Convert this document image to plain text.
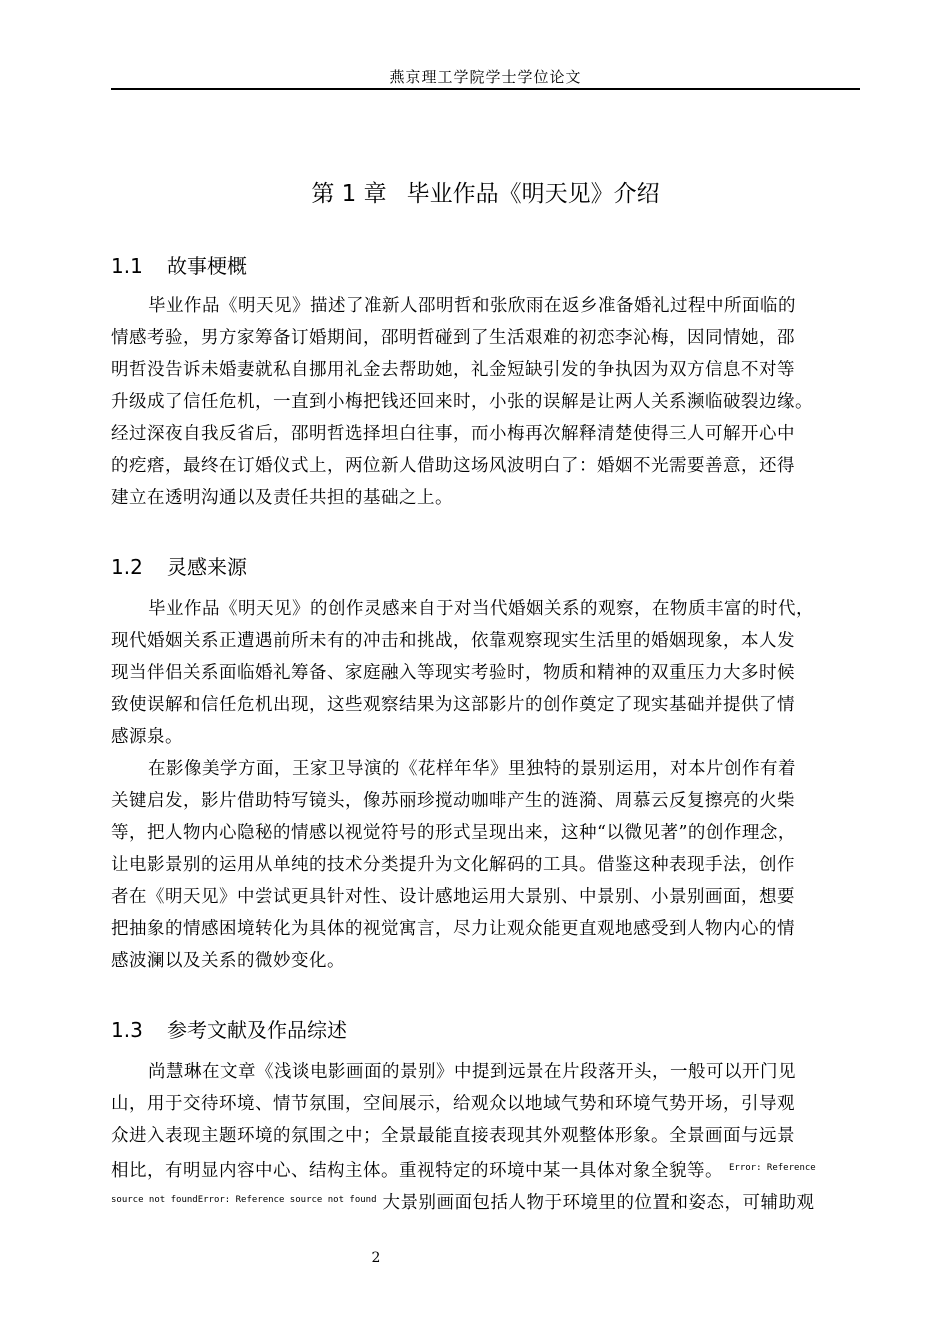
燕京理工学院学士学位论文
第 1 章 毕业作品《明天见》介绍
1.1 故事梗概
毕业作品《明天见》描述了准新人邵明哲和张欣雨在返乡准备婚礼过程中所面临的
情感考验，男方家筹备订婚期间，邵明哲碰到了生活艰难的初恋李沁梅，因同情她，邵
明哲没告诉未婚妻就私自挪用礼金去帮助她，礼金短缺引发的争执因为双方信息不对等
升级成了信任危机，一直到小梅把钱还回来时，小张的误解是让两人关系濒临破裂边缘。
经过深夜自我反省后，邵明哲选择坦白往事，而小梅再次解释清楚使得三人可解开心中
的疙瘩，最终在订婚仪式上，两位新人借助这场风波明白了：婚姻不光需要善意，还得
建立在透明沟通以及责任共担的基础之上。
1.2 灵感来源
毕业作品《明天见》的创作灵感来自于对当代婚姻关系的观察，在物质丰富的时代，
现代婚姻关系正遭遇前所未有的冲击和挑战，依靠观察现实生活里的婚姻现象，本人发
现当伴侣关系面临婚礼筹备、家庭融入等现实考验时，物质和精神的双重压力大多时候
致使误解和信任危机出现，这些观察结果为这部影片的创作奠定了现实基础并提供了情
感源泉。
在影像美学方面，王家卫导演的《花样年华》里独特的景别运用，对本片创作有着
关键启发，影片借助特写镜头，像苏丽珍搅动咖啡产生的涟漪、周慕云反复擦亮的火柴
等，把人物内心隐秘的情感以视觉符号的形式呈现出来，这种“以微见著”的创作理念，
让电影景别的运用从单纯的技术分类提升为文化解码的工具。借鉴这种表现手法，创作
者在《明天见》中尝试更具针对性、设计感地运用大景别、中景别、小景别画面，想要
把抽象的情感困境转化为具体的视觉寓言，尽力让观众能更直观地感受到人物内心的情
感波澜以及关系的微妙变化。
1.3 参考文献及作品综述
尚慧琳在文章《浅谈电影画面的景别》中提到远景在片段落开头，一般可以开门见
山，用于交待环境、情节氛围，空间展示，给观众以地域气势和环境气势开场，引导观
众进入表现主题环境的氛围之中；全景最能直接表现其外观整体形象。全景画面与远景
相比，有明显内容中心、结构主体。重视特定的环境中某一具体对象全貌等。 $^{Error: Reference}$
$^{source not foundError: Reference source not found}$ 大景别画面包括人物于环境里的位置和姿态，可辅助观
2
